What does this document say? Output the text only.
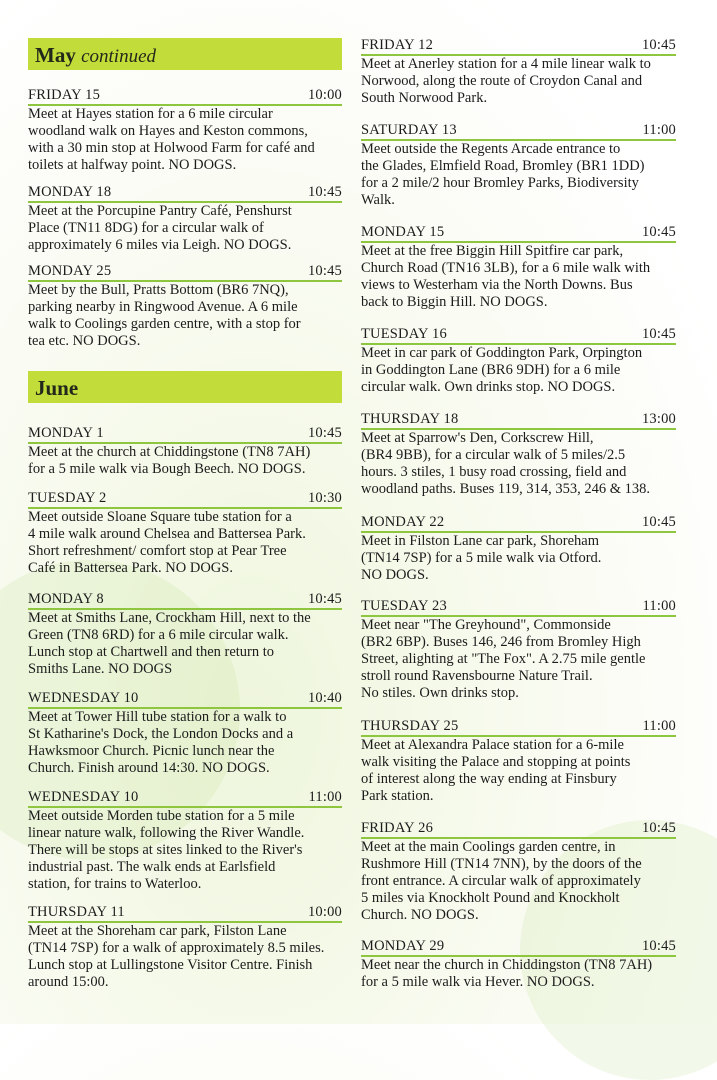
May continued
FRIDAY 15	10:00

Meet at Hayes station for a 6 mile circular
woodland walk on Hayes and Keston commons,
with a 30 min stop at Holwood Farm for café and
toilets at halfway point. NO DOGS.

MONDAY 18	10:45

Meet at the Porcupine Pantry Café, Penshurst
Place (TN11 8DG) for a circular walk of
approximately 6 miles via Leigh. NO DOGS.

MONDAY 25	10:45

Meet by the Bull, Pratts Bottom (BR6 7NQ),
parking nearby in Ringwood Avenue. A 6 mile
walk to Coolings garden centre, with a stop for
tea etc. NO DOGS.

June
MONDAY 1	10:45

Meet at the church at Chiddingstone (TN8 7AH)
for a 5 mile walk via Bough Beech. NO DOGS.

TUESDAY 2	10:30

Meet outside Sloane Square tube station for a
4 mile walk around Chelsea and Battersea Park.
Short refreshment/ comfort stop at Pear Tree
Café in Battersea Park. NO DOGS.

MONDAY 8	10:45

Meet at Smiths Lane, Crockham Hill, next to the
Green (TN8 6RD) for a 6 mile circular walk.
Lunch stop at Chartwell and then return to
Smiths Lane. NO DOGS

WEDNESDAY 10	10:40

Meet at Tower Hill tube station for a walk to
St Katharine's Dock, the London Docks and a
Hawksmoor Church. Picnic lunch near the
Church. Finish around 14:30. NO DOGS.

WEDNESDAY 10	11:00

Meet outside Morden tube station for a 5 mile
linear nature walk, following the River Wandle.
There will be stops at sites linked to the River's
industrial past. The walk ends at Earlsfield
station, for trains to Waterloo.

THURSDAY 11	10:00

Meet at the Shoreham car park, Filston Lane
(TN14 7SP) for a walk of approximately 8.5 miles.
Lunch stop at Lullingstone Visitor Centre. Finish
around 15:00.

FRIDAY 12	10:45

Meet at Anerley station for a 4 mile linear walk to
Norwood, along the route of Croydon Canal and
South Norwood Park.

SATURDAY 13	11:00

Meet outside the Regents Arcade entrance to
the Glades, Elmfield Road, Bromley (BR1 1DD)
for a 2 mile/2 hour Bromley Parks, Biodiversity
Walk.

MONDAY 15	10:45

Meet at the free Biggin Hill Spitfire car park,
Church Road (TN16 3LB), for a 6 mile walk with
views to Westerham via the North Downs. Bus
back to Biggin Hill. NO DOGS.

TUESDAY 16	10:45

Meet in car park of Goddington Park, Orpington
in Goddington Lane (BR6 9DH) for a 6 mile
circular walk. Own drinks stop. NO DOGS.

THURSDAY 18	13:00

Meet at Sparrow's Den, Corkscrew Hill,
(BR4 9BB), for a circular walk of 5 miles/2.5
hours. 3 stiles, 1 busy road crossing, field and
woodland paths. Buses 119, 314, 353, 246 & 138.

MONDAY 22	10:45

Meet in Filston Lane car park, Shoreham
(TN14 7SP) for a 5 mile walk via Otford.
NO DOGS.

TUESDAY 23	11:00

Meet near "The Greyhound", Commonside
(BR2 6BP). Buses 146, 246 from Bromley High
Street, alighting at "The Fox". A 2.75 mile gentle
stroll round Ravensbourne Nature Trail.
No stiles. Own drinks stop.

THURSDAY 25	11:00

Meet at Alexandra Palace station for a 6-mile
walk visiting the Palace and stopping at points
of interest along the way ending at Finsbury
Park station.

FRIDAY 26	10:45

Meet at the main Coolings garden centre, in
Rushmore Hill (TN14 7NN), by the doors of the
front entrance. A circular walk of approximately
5 miles via Knockholt Pound and Knockholt
Church. NO DOGS.

MONDAY 29	10:45

Meet near the church in Chiddingston (TN8 7AH)
for a 5 mile walk via Hever. NO DOGS.
